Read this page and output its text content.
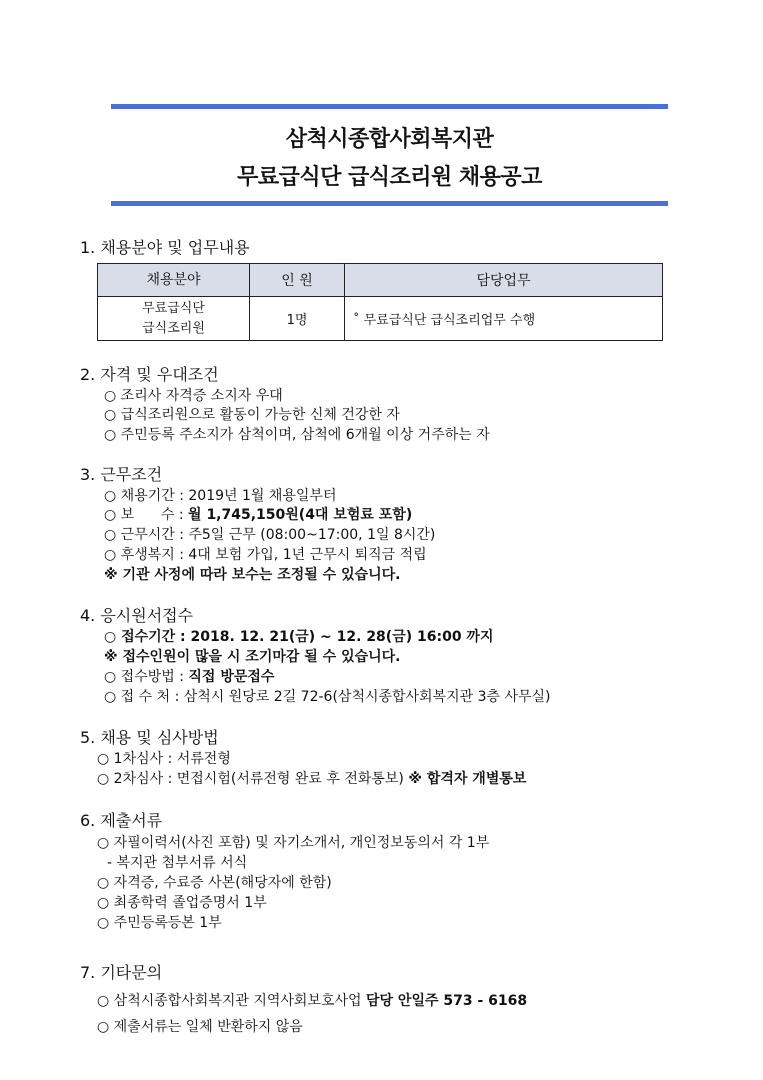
삼척시종합사회복지관
무료급식단 급식조리원 채용공고
1. 채용분야 및 업무내용
채용분야	인 원	담당업무

무료급식단
급식조리원	1명	˚ 무료급식단 급식조리업무 수행
2. 자격 및 우대조건
○ 조리사 자격증 소지자 우대
○ 급식조리원으로 활동이 가능한 신체 건강한 자
○ 주민등록 주소지가 삼척이며, 삼척에 6개월 이상 거주하는 자
3. 근무조건
○ 채용기간 : 2019년 1월 채용일부터
○ 보      수 : 월 1,745,150원(4대 보험료 포함)
○ 근무시간 : 주5일 근무 (08:00~17:00, 1일 8시간)
○ 후생복지 : 4대 보험 가입, 1년 근무시 퇴직금 적립
※ 기관 사정에 따라 보수는 조정될 수 있습니다.
4. 응시원서접수
○ 접수기간 : 2018. 12. 21(금) ~ 12. 28(금) 16:00 까지
※ 접수인원이 많을 시 조기마감 될 수 있습니다.
○ 접수방법 : 직접 방문접수
○ 접 수 처 : 삼척시 원당로 2길 72-6(삼척시종합사회복지관 3층 사무실)
5. 채용 및 심사방법
○ 1차심사 : 서류전형
○ 2차심사 : 면접시험(서류전형 완료 후 전화통보) ※ 합격자 개별통보
6. 제출서류
○ 자필이력서(사진 포함) 및 자기소개서, 개인정보동의서 각 1부
- 복지관 첨부서류 서식
○ 자격증, 수료증 사본(해당자에 한함)
○ 최종학력 졸업증명서 1부
○ 주민등록등본 1부
7. 기타문의
○ 삼척시종합사회복지관 지역사회보호사업 담당 안일주 573 - 6168
○ 제출서류는 일체 반환하지 않음
